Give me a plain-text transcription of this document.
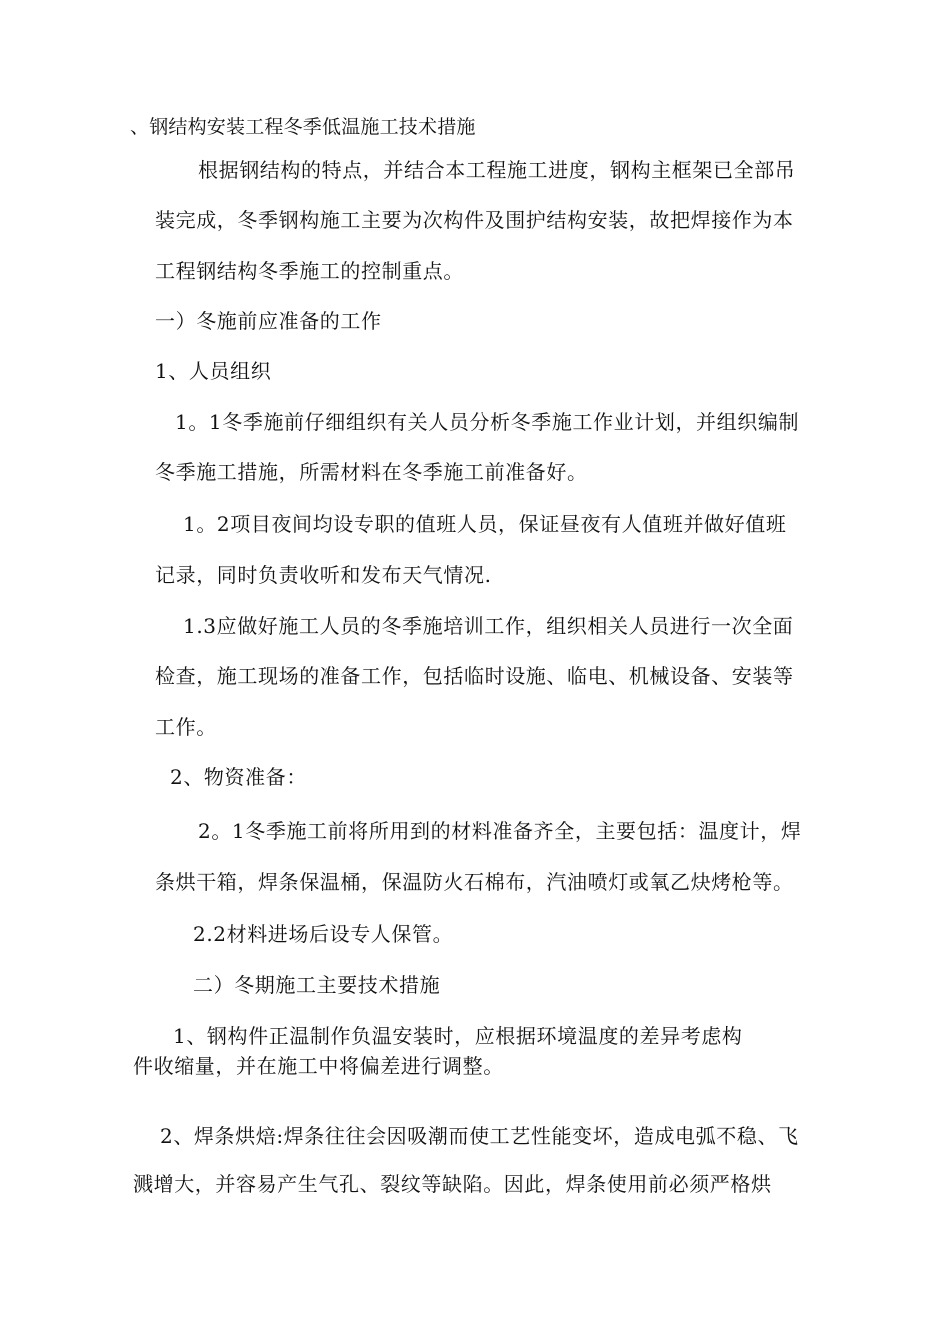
、钢结构安装工程冬季低温施工技术措施
根据钢结构的特点，并结合本工程施工进度，钢构主框架已全部吊
装完成，冬季钢构施工主要为次构件及围护结构安装，故把焊接作为本
工程钢结构冬季施工的控制重点。
一）冬施前应准备的工作
1、人员组织
1。1冬季施前仔细组织有关人员分析冬季施工作业计划，并组织编制
冬季施工措施，所需材料在冬季施工前准备好。
1。2项目夜间均设专职的值班人员，保证昼夜有人值班并做好值班
记录，同时负责收听和发布天气情况.
1.3应做好施工人员的冬季施培训工作，组织相关人员进行一次全面
检查，施工现场的准备工作，包括临时设施、临电、机械设备、安装等
工作。
2、物资准备：
2。1冬季施工前将所用到的材料准备齐全，主要包括：温度计，焊
条烘干箱，焊条保温桶，保温防火石棉布，汽油喷灯或氧乙炔烤枪等。
2.2材料进场后设专人保管。
二）冬期施工主要技术措施
1、钢构件正温制作负温安装时，应根据环境温度的差异考虑构
件收缩量，并在施工中将偏差进行调整。
2、焊条烘焙:焊条往往会因吸潮而使工艺性能变坏，造成电弧不稳、飞
溅增大，并容易产生气孔、裂纹等缺陷。因此，焊条使用前必须严格烘
